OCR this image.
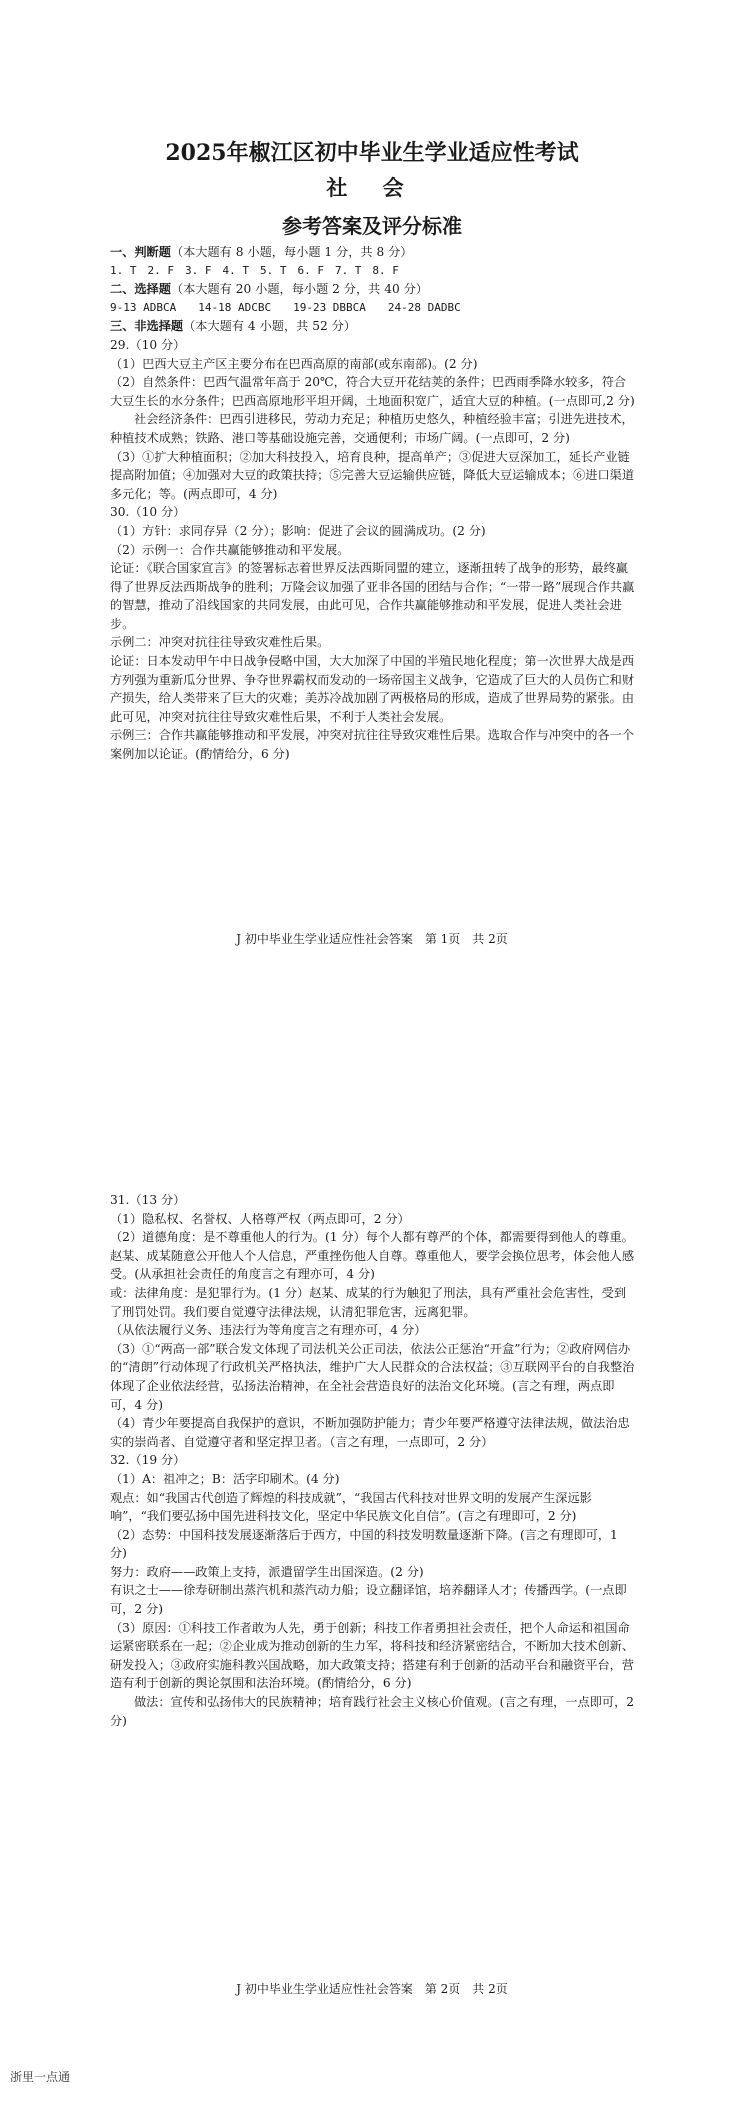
2025年椒江区初中毕业生学业适应性考试
社 会
参考答案及评分标准

一、判断题（本大题有 8 小题，每小题 1 分，共 8 分）

1. T　2. F　3. F　4. T　5. T　6. F　7. T　8. F

二、选择题（本大题有 20 小题，每小题 2 分，共 40 分）

9-13 ADBCA　　14-18 ADCBC　　19-23 DBBCA　　24-28 DADBC

三、非选择题（本大题有 4 小题，共 52 分）

29.（10 分）

（1）巴西大豆主产区主要分布在巴西高原的南部(或东南部)。(2 分)

（2）自然条件：巴西气温常年高于 20℃，符合大豆开花结荚的条件；巴西雨季降水较多，符合大豆生长的水分条件；巴西高原地形平坦开阔，土地面积宽广，适宜大豆的种植。(一点即可,2 分)

社会经济条件：巴西引进移民，劳动力充足；种植历史悠久，种植经验丰富；引进先进技术，种植技术成熟；铁路、港口等基础设施完善，交通便利；市场广阔。(一点即可，2 分)

（3）①扩大种植面积；②加大科技投入，培育良种，提高单产；③促进大豆深加工，延长产业链提高附加值；④加强对大豆的政策扶持；⑤完善大豆运输供应链，降低大豆运输成本；⑥进口渠道多元化；等。(两点即可，4 分)

30.（10 分）

（1）方针：求同存异（2 分）；影响：促进了会议的圆满成功。(2 分)

（2）示例一：合作共赢能够推动和平发展。

论证：《联合国家宣言》的签署标志着世界反法西斯同盟的建立，逐渐扭转了战争的形势，最终赢得了世界反法西斯战争的胜利；万隆会议加强了亚非各国的团结与合作；“一带一路”展现合作共赢的智慧，推动了沿线国家的共同发展，由此可见，合作共赢能够推动和平发展，促进人类社会进步。

示例二：冲突对抗往往导致灾难性后果。

论证：日本发动甲午中日战争侵略中国，大大加深了中国的半殖民地化程度；第一次世界大战是西方列强为重新瓜分世界、争夺世界霸权而发动的一场帝国主义战争，它造成了巨大的人员伤亡和财产损失，给人类带来了巨大的灾难；美苏冷战加剧了两极格局的形成，造成了世界局势的紧张。由此可见，冲突对抗往往导致灾难性后果，不利于人类社会发展。

示例三：合作共赢能够推动和平发展，冲突对抗往往导致灾难性后果。选取合作与冲突中的各一个案例加以论证。(酌情给分，6 分)

J 初中毕业生学业适应性社会答案　第 1页　共 2页

31.（13 分）

（1）隐私权、名誉权、人格尊严权（两点即可，2 分）

（2）道德角度：是不尊重他人的行为。(1 分）每个人都有尊严的个体，都需要得到他人的尊重。赵某、成某随意公开他人个人信息，严重挫伤他人自尊。尊重他人，要学会换位思考，体会他人感受。(从承担社会责任的角度言之有理亦可，4 分)

或：法律角度：是犯罪行为。(1 分）赵某、成某的行为触犯了刑法，具有严重社会危害性，受到了刑罚处罚。我们要自觉遵守法律法规，认清犯罪危害，远离犯罪。

（从依法履行义务、违法行为等角度言之有理亦可，4 分）

（3）①“两高一部”联合发文体现了司法机关公正司法，依法公正惩治“开盒”行为；②政府网信办的“清朗”行动体现了行政机关严格执法，维护广大人民群众的合法权益；③互联网平台的自我整治体现了企业依法经营，弘扬法治精神，在全社会营造良好的法治文化环境。(言之有理，两点即可，4 分)

（4）青少年要提高自我保护的意识，不断加强防护能力；青少年要严格遵守法律法规，做法治忠实的崇尚者、自觉遵守者和坚定捍卫者。（言之有理，一点即可，2 分）

32.（19 分）

（1）A：祖冲之；B：活字印刷术。(4 分)

观点：如“我国古代创造了辉煌的科技成就”，“我国古代科技对世界文明的发展产生深远影响”，“我们要弘扬中国先进科技文化，坚定中华民族文化自信”。(言之有理即可，2 分)

（2）态势：中国科技发展逐渐落后于西方，中国的科技发明数量逐渐下降。(言之有理即可，1 分)

努力：政府——政策上支持，派遣留学生出国深造。(2 分)

有识之士——徐寿研制出蒸汽机和蒸汽动力船；设立翻译馆，培养翻译人才；传播西学。(一点即可，2 分)

（3）原因：①科技工作者敢为人先，勇于创新；科技工作者勇担社会责任，把个人命运和祖国命运紧密联系在一起；②企业成为推动创新的生力军，将科技和经济紧密结合，不断加大技术创新、研发投入；③政府实施科教兴国战略，加大政策支持；搭建有利于创新的活动平台和融资平台，营造有利于创新的舆论氛围和法治环境。(酌情给分，6 分)

做法：宣传和弘扬伟大的民族精神；培育践行社会主义核心价值观。(言之有理，一点即可，2 分)

J 初中毕业生学业适应性社会答案　第 2页　共 2页
浙里一点通
